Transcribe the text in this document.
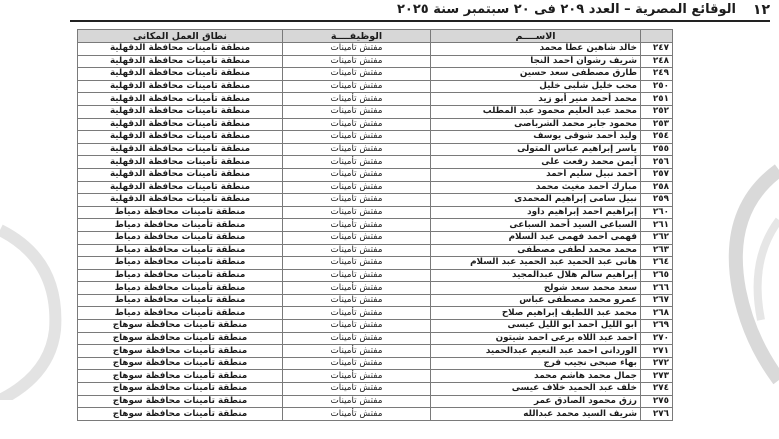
١٢
الوقائع المصرية – العدد ٢٠٩ فى ٢٠ سبتمبر سنة ٢٠٢٥
	الاســــم	الوظيفــــة	نطاق العمل المكانى
٢٤٧	خالد شاهين عطا محمد	مفتش تأمينات	منطقة تأمينات محافظة الدقهلية
٢٤٨	شريف رشوان أحمد النجا	مفتش تأمينات	منطقة تأمينات محافظة الدقهلية
٢٤٩	طارق مصطفى سعد حسين	مفتش تأمينات	منطقة تأمينات محافظة الدقهلية
٢٥٠	محب خليل شلبى خليل	مفتش تأمينات	منطقة تأمينات محافظة الدقهلية
٢٥١	محمد أحمد منير أبو زيد	مفتش تأمينات	منطقة تأمينات محافظة الدقهلية
٢٥٢	محمد عبد العليم محمود عبد المطلب	مفتش تأمينات	منطقة تأمينات محافظة الدقهلية
٢٥٣	محمود جابر محمد الشرباصى	مفتش تأمينات	منطقة تأمينات محافظة الدقهلية
٢٥٤	وليد أحمد شوقى يوسف	مفتش تأمينات	منطقة تأمينات محافظة الدقهلية
٢٥٥	ياسر إبراهيم عباس المتولى	مفتش تأمينات	منطقة تأمينات محافظة الدقهلية
٢٥٦	أيمن محمد رفعت على	مفتش تأمينات	منطقة تأمينات محافظة الدقهلية
٢٥٧	أحمد نبيل سليم أحمد	مفتش تأمينات	منطقة تأمينات محافظة الدقهلية
٢٥٨	مبارك أحمد مغيث محمد	مفتش تأمينات	منطقة تأمينات محافظة الدقهلية
٢٥٩	نبيل سامى إبراهيم المحمدى	مفتش تأمينات	منطقة تأمينات محافظة الدقهلية
٢٦٠	إبراهيم احمد إبراهيم داود	مفتش تأمينات	منطقة تأمينات محافظة دمياط
٢٦١	السباعى السيد أحمد السباعى	مفتش تأمينات	منطقة تأمينات محافظة دمياط
٢٦٢	فهمى أحمد فهمى عبد السلام	مفتش تأمينات	منطقة تأمينات محافظة دمياط
٢٦٣	محمد محمد لطفى مصطفى	مفتش تأمينات	منطقة تأمينات محافظة دمياط
٢٦٤	هانى عبد الحميد عبد الحميد عبد السلام	مفتش تأمينات	منطقة تأمينات محافظة دمياط
٢٦٥	إبراهيم سالم هلال عبدالمجيد	مفتش تأمينات	منطقة تأمينات محافظة دمياط
٢٦٦	سعد محمد سعد شولح	مفتش تأمينات	منطقة تأمينات محافظة دمياط
٢٦٧	عمرو محمد مصطفى عباس	مفتش تأمينات	منطقة تأمينات محافظة دمياط
٢٦٨	محمد عبد اللطيف إبراهيم صلاح	مفتش تأمينات	منطقة تأمينات محافظة دمياط
٢٦٩	أبو الليل أحمد أبو الليل عيسى	مفتش تأمينات	منطقة تأمينات محافظة سوهاج
٢٧٠	أحمد عبد اللاه برعى احمد شيتون	مفتش تأمينات	منطقة تأمينات محافظة سوهاج
٢٧١	الوردانى احمد عبد النعيم عبدالحميد	مفتش تأمينات	منطقة تأمينات محافظة سوهاج
٢٧٢	بهاء صبحى نجيب فرج	مفتش تأمينات	منطقة تأمينات محافظة سوهاج
٢٧٣	جمال محمد هاشم محمد	مفتش تأمينات	منطقة تأمينات محافظة سوهاج
٢٧٤	خلف عبد الحميد خلاف عيسى	مفتش تأمينات	منطقة تأمينات محافظة سوهاج
٢٧٥	رزق محمود الصادق عمر	مفتش تأمينات	منطقة تأمينات محافظة سوهاج
٢٧٦	شريف السيد محمد عبدالله	مفتش تأمينات	منطقة تأمينات محافظة سوهاج
